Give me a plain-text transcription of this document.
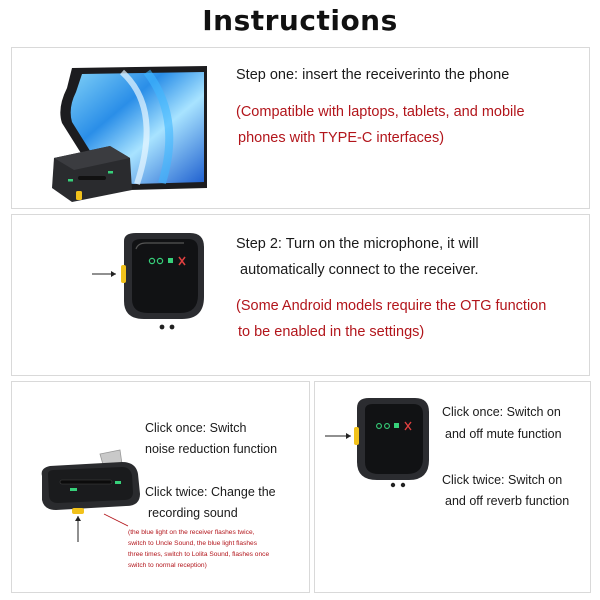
Instructions
Step one: insert the receiverinto the phone
(Compatible with laptops, tablets, and mobile
phones with TYPE-C interfaces)
Step 2: Turn on the microphone, it will
automatically connect to the receiver.
(Some Android models require the OTG function
to be enabled in the settings)
Click once: Switch
noise reduction function
Click twice: Change the
recording sound
(the blue light on the receiver flashes twice,
switch to Uncle Sound, the blue light flashes
three times, switch to Lolita Sound, flashes once
switch to normal reception)
Click once: Switch on
and off mute function
Click twice: Switch on
and off reverb function
